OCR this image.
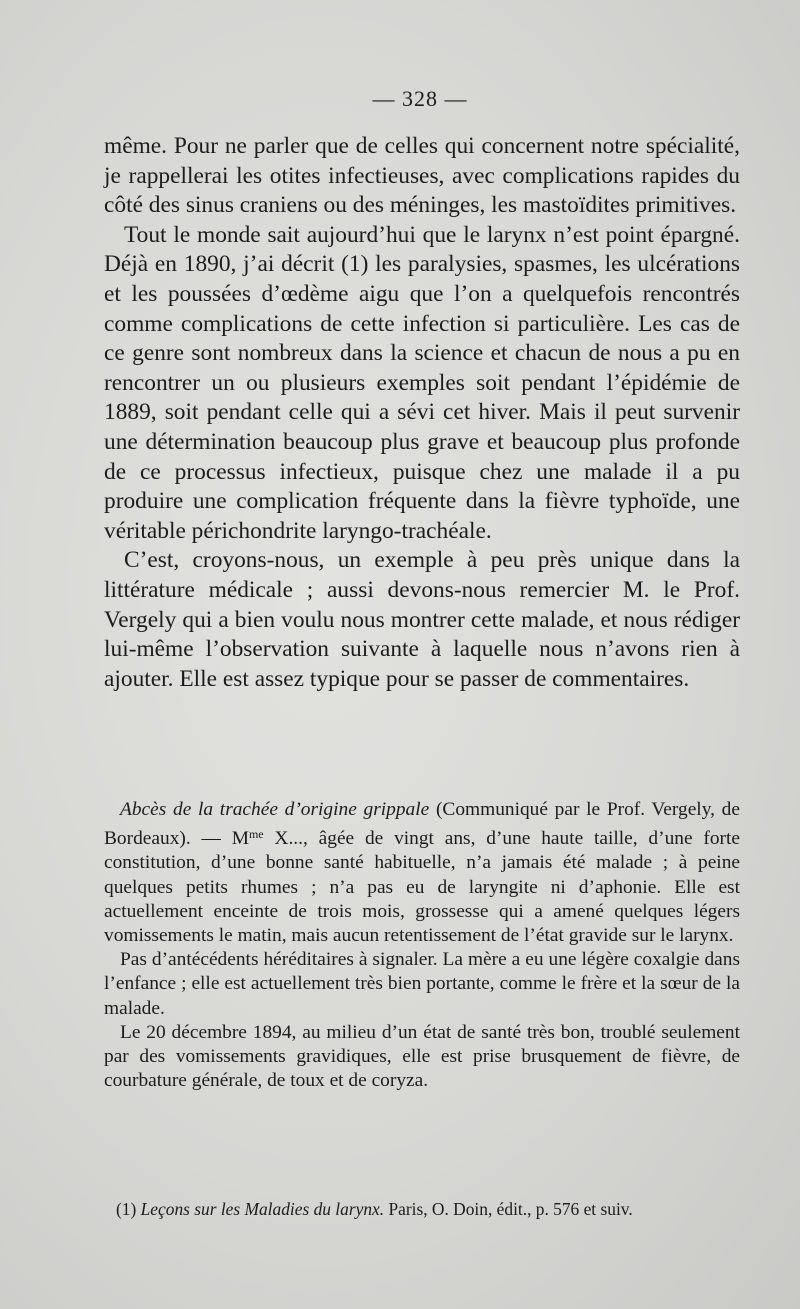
— 328 —

même. Pour ne parler que de celles qui concernent notre spécialité, je rappellerai les otites infectieuses, avec complications rapides du côté des sinus craniens ou des méninges, les mastoïdites primitives.

Tout le monde sait aujourd’hui que le larynx n’est point épargné. Déjà en 1890, j’ai décrit (1) les paralysies, spasmes, les ulcérations et les poussées d’œdème aigu que l’on a quelquefois rencontrés comme complications de cette infection si particulière. Les cas de ce genre sont nombreux dans la science et chacun de nous a pu en rencontrer un ou plusieurs exemples soit pendant l’épidémie de 1889, soit pendant celle qui a sévi cet hiver. Mais il peut survenir une détermination beaucoup plus grave et beaucoup plus profonde de ce processus infectieux, puisque chez une malade il a pu produire une complication fréquente dans la fièvre typhoïde, une véritable périchondrite laryngo-trachéale.

C’est, croyons-nous, un exemple à peu près unique dans la littérature médicale ; aussi devons-nous remercier M. le Prof. Vergely qui a bien voulu nous montrer cette malade, et nous rédiger lui-même l’observation suivante à laquelle nous n’avons rien à ajouter. Elle est assez typique pour se passer de commentaires.

Abcès de la trachée d’origine grippale (Communiqué par le Prof. Vergely, de Bordeaux). — $M^{me}$ X..., âgée de vingt ans, d’une haute taille, d’une forte constitution, d’une bonne santé habituelle, n’a jamais été malade ; à peine quelques petits rhumes ; n’a pas eu de laryngite ni d’aphonie. Elle est actuellement enceinte de trois mois, grossesse qui a amené quelques légers vomissements le matin, mais aucun retentissement de l’état gravide sur le larynx.

Pas d’antécédents héréditaires à signaler. La mère a eu une légère coxalgie dans l’enfance ; elle est actuellement très bien portante, comme le frère et la sœur de la malade.

Le 20 décembre 1894, au milieu d’un état de santé très bon, troublé seulement par des vomissements gravidiques, elle est prise brusquement de fièvre, de courbature générale, de toux et de coryza.

(1) Leçons sur les Maladies du larynx. Paris, O. Doin, édit., p. 576 et suiv.
